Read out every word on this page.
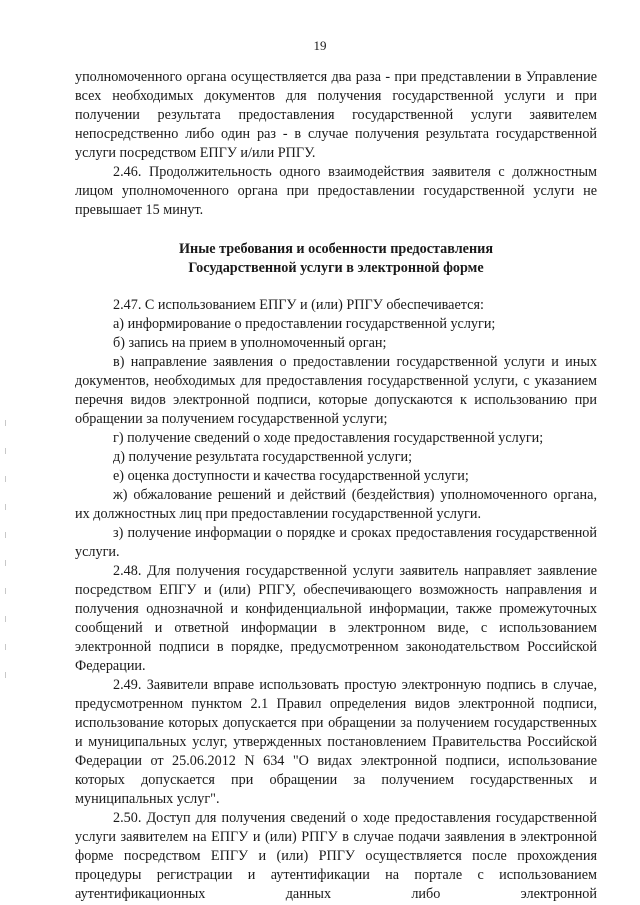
19

уполномоченного органа осуществляется два раза - при представлении в Управление всех необходимых документов для получения государственной услуги и при получении результата предоставления государственной услуги заявителем непосредственно либо один раз - в случае получения результата государственной услуги посредством ЕПГУ и/или РПГУ.

2.46. Продолжительность одного взаимодействия заявителя с должностным лицом уполномоченного органа при предоставлении государственной услуги не превышает 15 минут.

Иные требования и особенности предоставления
Государственной услуги в электронной форме

2.47. С использованием ЕПГУ и (или) РПГУ обеспечивается:

а) информирование о предоставлении государственной услуги;

б) запись на прием в уполномоченный орган;

в) направление заявления о предоставлении государственной услуги и иных документов, необходимых для предоставления государственной услуги, с указанием перечня видов электронной подписи, которые допускаются к использованию при обращении за получением государственной услуги;

г) получение сведений о ходе предоставления государственной услуги;

д) получение результата государственной услуги;

е) оценка доступности и качества государственной услуги;

ж) обжалование решений и действий (бездействия) уполномоченного органа, их должностных лиц при предоставлении государственной услуги.

з) получение информации о порядке и сроках предоставления государственной услуги.

2.48. Для получения государственной услуги заявитель направляет заявление посредством ЕПГУ и (или) РПГУ, обеспечивающего возможность направления и получения однозначной и конфиденциальной информации, также промежуточных сообщений и ответной информации в электронном виде, с использованием электронной подписи в порядке, предусмотренном законодательством Российской Федерации.

2.49. Заявители вправе использовать простую электронную подпись в случае, предусмотренном пунктом 2.1 Правил определения видов электронной подписи, использование которых допускается при обращении за получением государственных и муниципальных услуг, утвержденных постановлением Правительства Российской Федерации от 25.06.2012 N 634 "О видах электронной подписи, использование которых допускается при обращении за получением государственных и муниципальных услуг".

2.50. Доступ для получения сведений о ходе предоставления государственной услуги заявителем на ЕПГУ и (или) РПГУ в случае подачи заявления в электронной форме посредством ЕПГУ и (или) РПГУ осуществляется после прохождения процедуры регистрации и аутентификации на портале с использованием аутентификационных данных либо электронной
